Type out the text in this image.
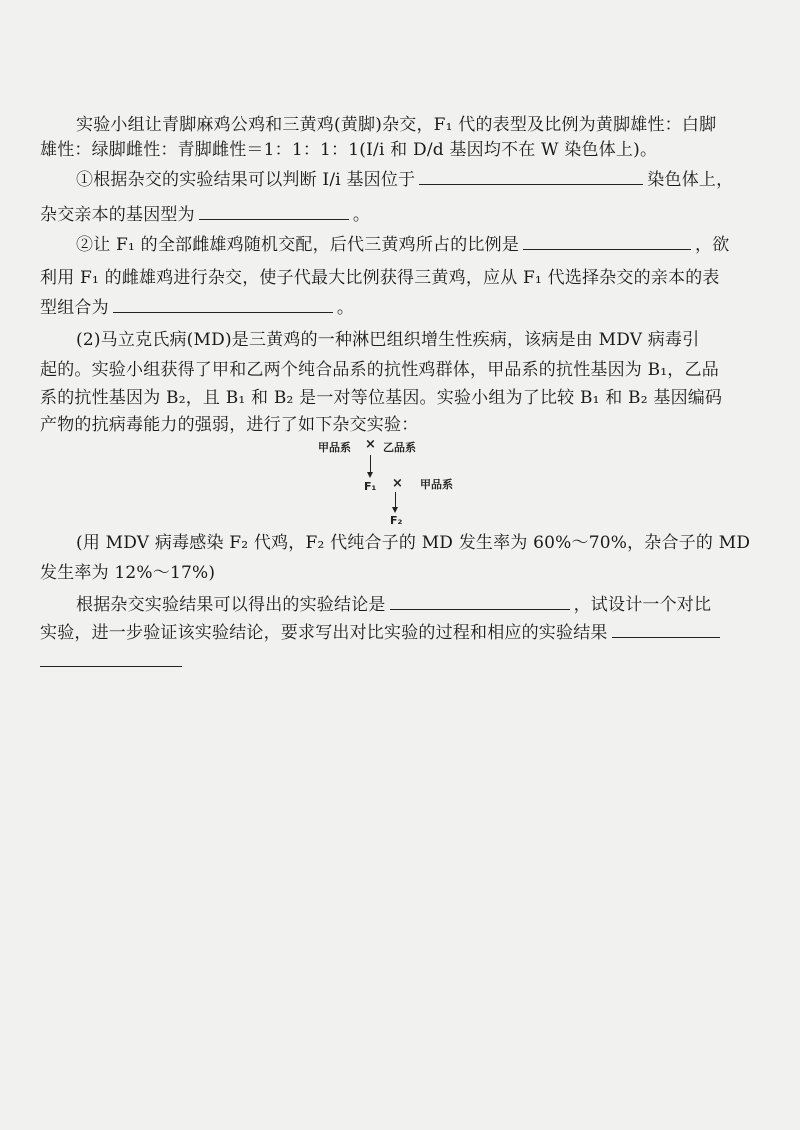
实验小组让青脚麻鸡公鸡和三黄鸡(黄脚)杂交，F₁ 代的表型及比例为黄脚雄性：白脚
雄性：绿脚雌性：青脚雌性＝1：1：1：1(I/i 和 D/d 基因均不在 W 染色体上)。
①根据杂交的实验结果可以判断 I/i 基因位于	染色体上，
杂交亲本的基因型为	。
②让 F₁ 的全部雌雄鸡随机交配，后代三黄鸡所占的比例是	，欲
利用 F₁ 的雌雄鸡进行杂交，使子代最大比例获得三黄鸡，应从 F₁ 代选择杂交的亲本的表
型组合为	。
(2)马立克氏病(MD)是三黄鸡的一种淋巴组织增生性疾病，该病是由 MDV 病毒引
起的。实验小组获得了甲和乙两个纯合品系的抗性鸡群体，甲品系的抗性基因为 B₁，乙品
系的抗性基因为 B₂，且 B₁ 和 B₂ 是一对等位基因。实验小组为了比较 B₁ 和 B₂ 基因编码
产物的抗病毒能力的强弱，进行了如下杂交实验：
甲品系 × 乙品系
F₁ × 甲品系
F₂
(用 MDV 病毒感染 F₂ 代鸡，F₂ 代纯合子的 MD 发生率为 60%～70%，杂合子的 MD
发生率为 12%～17%)
根据杂交实验结果可以得出的实验结论是	，试设计一个对比
实验，进一步验证该实验结论，要求写出对比实验的过程和相应的实验结果
